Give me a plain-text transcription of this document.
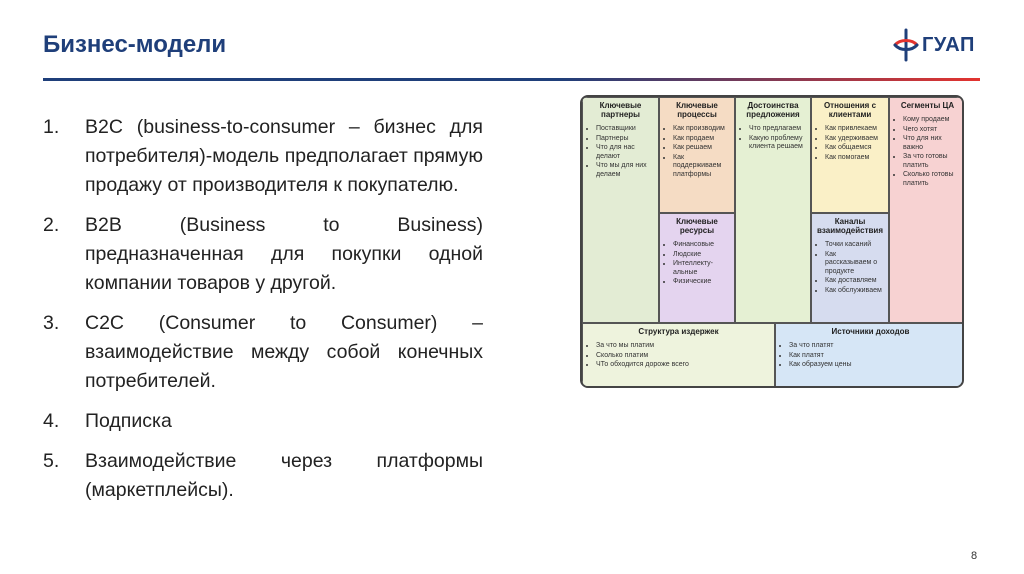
Бизнес-модели	ГУАП
1.	B2C (business-to-consumer – бизнес для потребителя)-модель предполагает прямую продажу от производителя к покупателю.
2.	B2B (Business to Business) предназначенная для покупки одной компании товаров у другой.
3.	C2C (Consumer to Consumer) – взаимодействие между собой конечных потребителей.
4.	Подписка
5.	Взаимодействие через платформы (маркетплейсы).
Ключевые партнеры
• Поставщики
• Партнеры
• Что для нас делают
• Что мы для них делаем
Ключевые процессы
• Как производим
• Как продаем
• Как решаем
• Как поддерживаем платформы
Ключевые ресурсы
• Финансовые
• Людские
• Интеллекту-альные
• Физические
Достоинства предложения
• Что предлагаем
• Какую проблему клиента решаем
Отношения с клиентами
• Как привлекаем
• Как удерживаем
• Как общаемся
• Как помогаем
Каналы взаимодействия
• Точки касаний
• Как рассказываем о продукте
• Как доставляем
• Как обслуживаем
Сегменты ЦА
• Кому продаем
• Чего хотят
• Что для них важно
• За что готовы платить
• Сколько готовы платить
Структура издержек
• За что мы платим
• Сколько платим
• ЧТо обходится дороже всего
Источники доходов
• За что платят
• Как платят
• Как образуем цены
8
